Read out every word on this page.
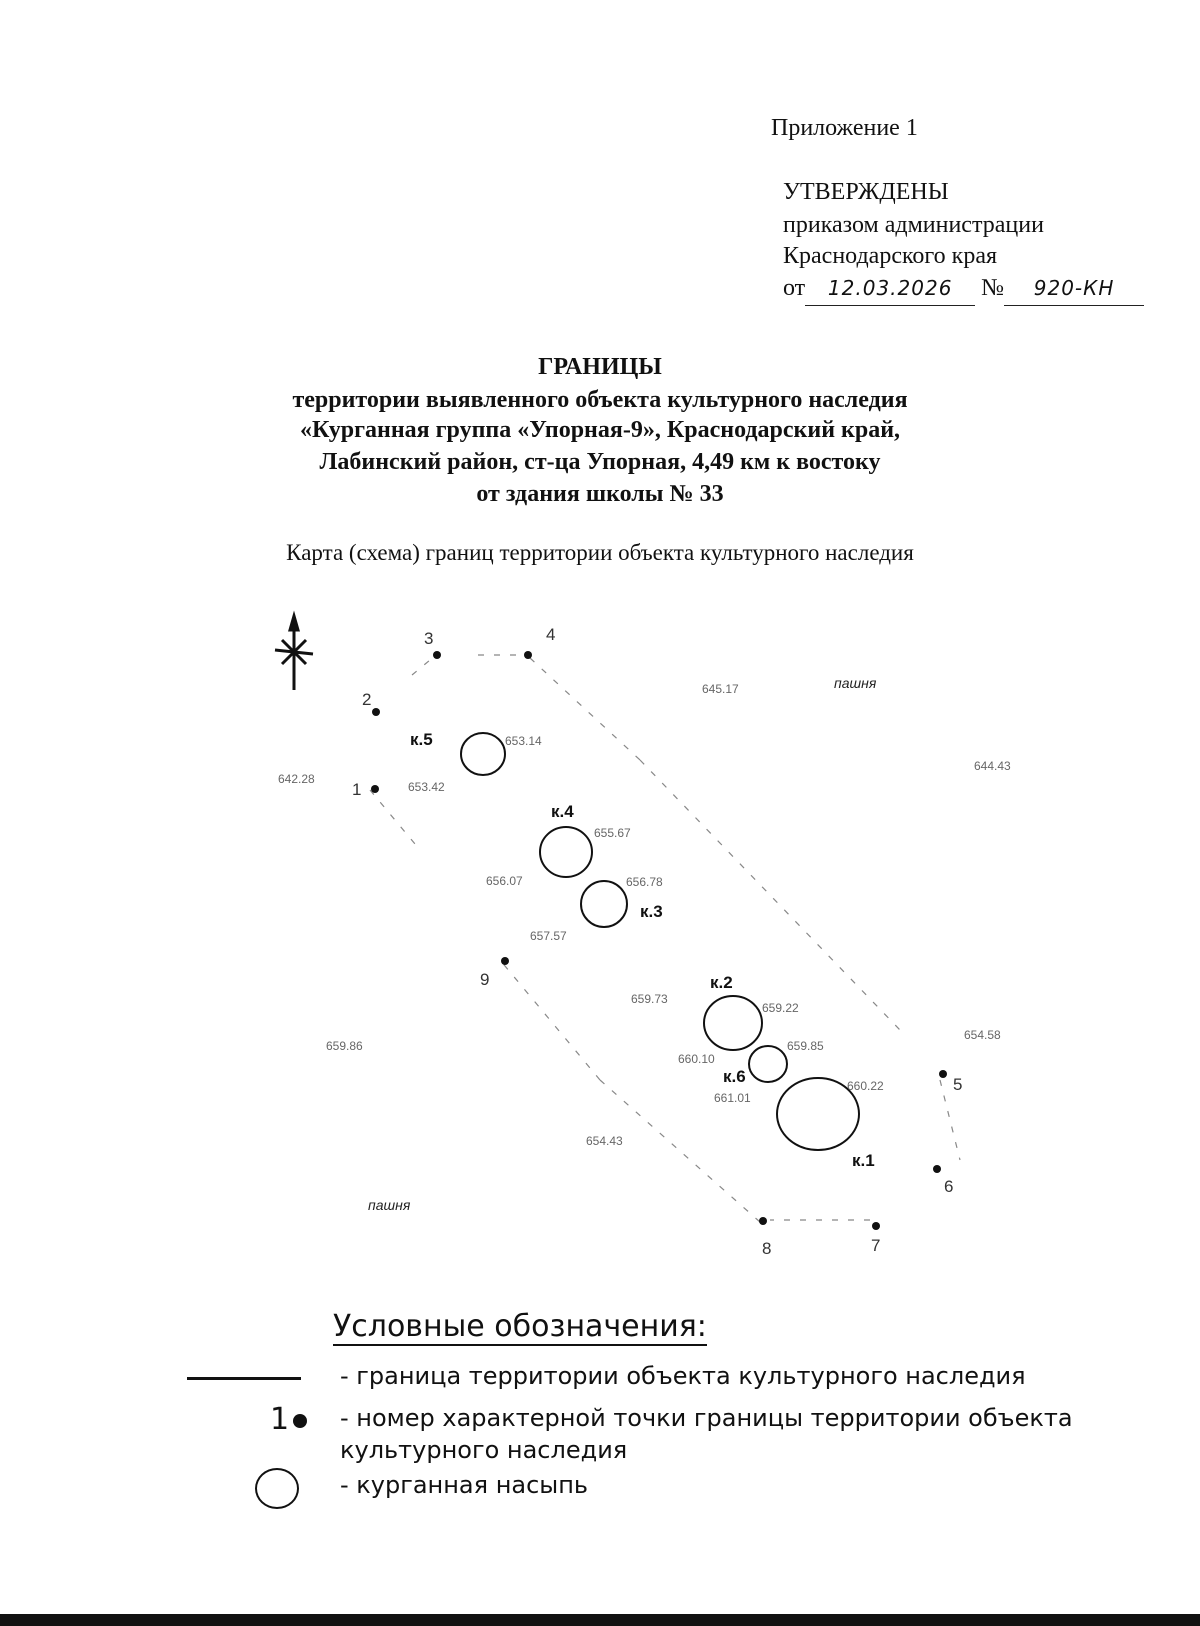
Приложение 1
УТВЕРЖДЕНЫ
приказом администрации
Краснодарского края
от 12.03.2026 № 920-КН
ГРАНИЦЫ
территории выявленного объекта культурного наследия
«Курганная группа «Упорная-9», Краснодарский край,
Лабинский район, ст-ца Упорная, 4,49 км к востоку
от здания школы № 33
Карта (схема) границ территории объекта культурного наследия
2
3	4
1
9
5
6
7
8
к.5
к.4
к.3
к.2
к.6
к.1
пашня
пашня
645.17
644.43
642.28
653.42
653.14
655.67
656.07	656.78
657.57
659.73
659.22
659.86
654.58
660.10
659.85
660.22
661.01
654.43
Условные обозначения:
- граница территории объекта культурного наследия
1	- номер характерной точки границы территории объекта
культурного наследия
- курганная насыпь
